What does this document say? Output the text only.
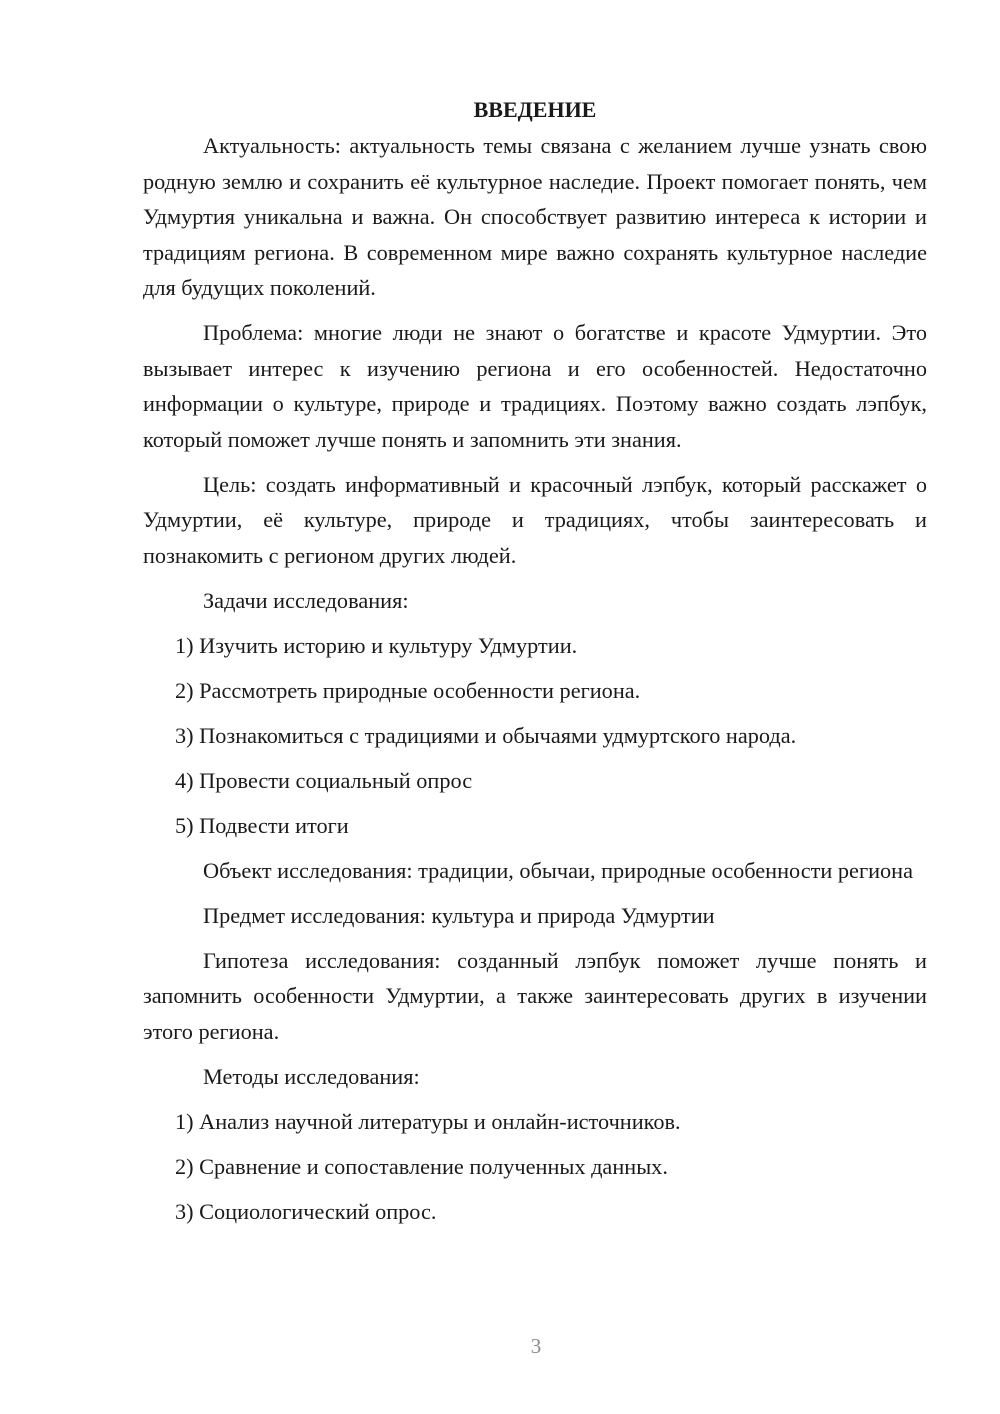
ВВЕДЕНИЕ

Актуальность: актуальность темы связана с желанием лучше узнать свою родную землю и сохранить её культурное наследие. Проект помогает понять, чем Удмуртия уникальна и важна. Он способствует развитию интереса к истории и традициям региона. В современном мире важно сохранять культурное наследие для будущих поколений.

Проблема: многие люди не знают о богатстве и красоте Удмуртии. Это вызывает интерес к изучению региона и его особенностей. Недостаточно информации о культуре, природе и традициях. Поэтому важно создать лэпбук, который поможет лучше понять и запомнить эти знания.

Цель: создать информативный и красочный лэпбук, который расскажет о Удмуртии, её культуре, природе и традициях, чтобы заинтересовать и познакомить с регионом других людей.

Задачи исследования:

1) Изучить историю и культуру Удмуртии.

2) Рассмотреть природные особенности региона.

3) Познакомиться с традициями и обычаями удмуртского народа.

4) Провести социальный опрос

5) Подвести итоги

Объект исследования: традиции, обычаи, природные особенности региона

Предмет исследования: культура и природа Удмуртии

Гипотеза исследования: созданный лэпбук поможет лучше понять и запомнить особенности Удмуртии, а также заинтересовать других в изучении этого региона.

Методы исследования:

1) Анализ научной литературы и онлайн-источников.

2) Сравнение и сопоставление полученных данных.

3) Социологический опрос.

3
